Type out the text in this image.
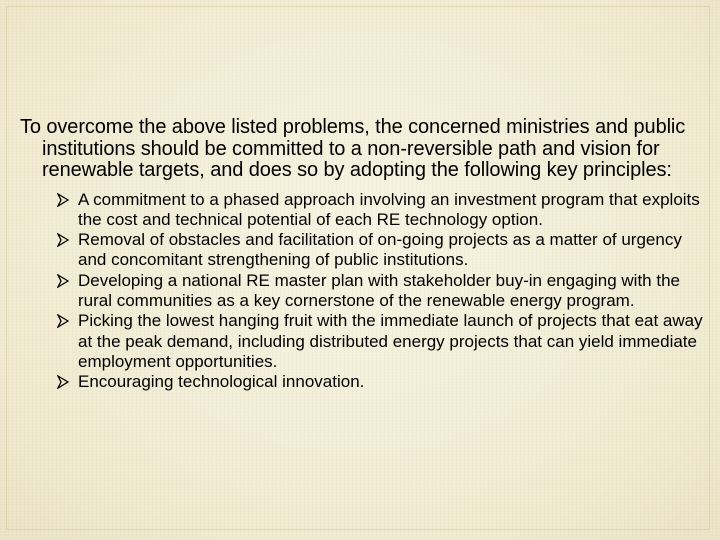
To overcome the above listed problems, the concerned ministries and public institutions should be committed to a non-reversible path and vision for renewable targets, and does so by adopting the following key principles:

A commitment to a phased approach involving an investment program that exploits the cost and technical potential of each RE technology option.
Removal of obstacles and facilitation of on-going projects as a matter of urgency and concomitant strengthening of public institutions.
Developing a national RE master plan with stakeholder buy-in engaging with the rural communities as a key cornerstone of the renewable energy program.
Picking the lowest hanging fruit with the immediate launch of projects that eat away at the peak demand, including distributed energy projects that can yield immediate employment opportunities.
Encouraging technological innovation.
